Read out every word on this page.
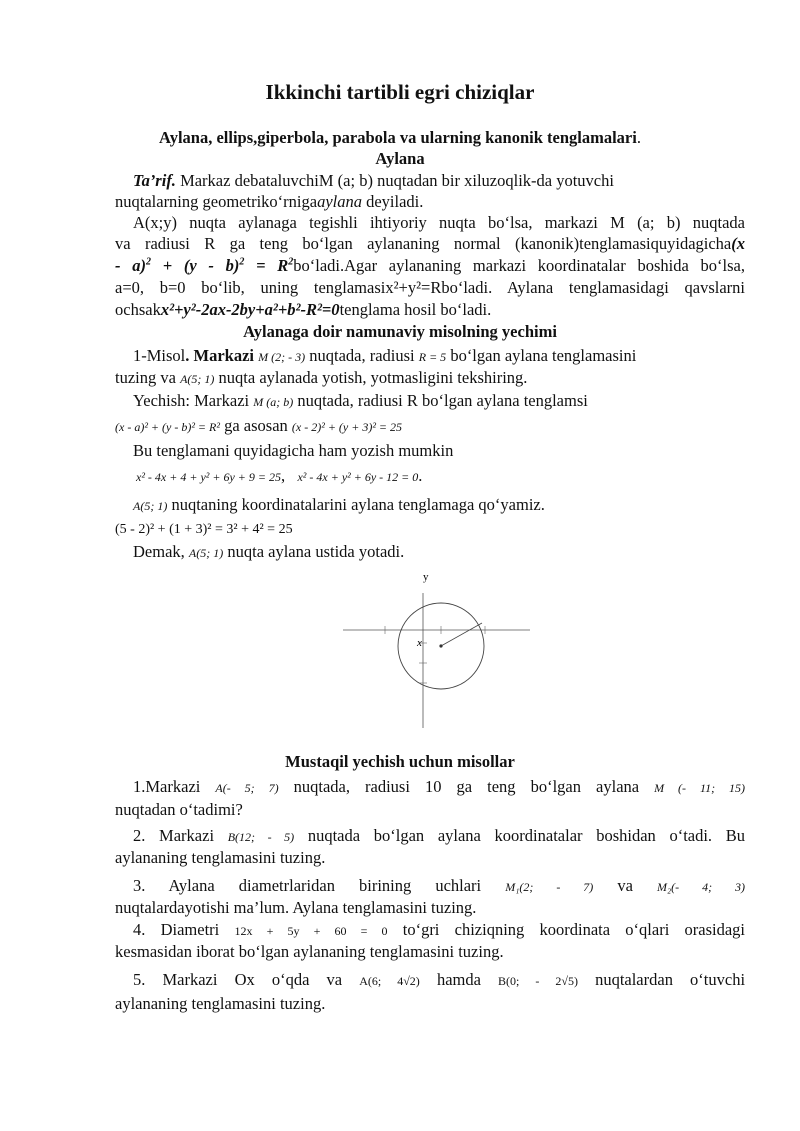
Ikkinchi tartibli egri chiziqlar
Aylana, ellips,giperbola, parabola va ularning kanonik tenglamalari.
Aylana
Ta’rif. Markaz debataluvchiM (a; b) nuqtadan bir xiluzoqlik-da yotuvchi
nuqtalarning geometriko‘rnigaaylana deyiladi.
A(x;y) nuqta aylanaga tegishli ihtiyoriy nuqta bo‘lsa, markazi M (a; b) nuqtada
va radiusi R ga teng bo‘lgan aylananing normal (kanonik)tenglamasiquyidagicha(x
- $a)^2 + (y - b)^2 = R^2bo‘ladi.Agar$ aylananing markazi koordinatalar boshida bo‘lsa,
a=0, b=0 bo‘lib, uning tenglamasix²+y²=Rbo‘ladi. Aylana tenglamasidagi qavslarni
ochsakx²+y²-2ax-2by+a²+b²-R²=0tenglama hosil bo‘ladi.
Aylanaga doir namunaviy misolning yechimi
1-Misol. Markazi M (2; - 3) nuqtada, radiusi R = 5 bo‘lgan aylana tenglamasini
tuzing va A(5; 1) nuqta aylanada yotish, yotmasligini tekshiring.
Yechish: Markazi M (a; b) nuqtada, radiusi R bo‘lgan aylana tenglamsi
(x - a)² + (y - b)² = R² ga asosan (x - 2)² + (y + 3)² = 25
Bu tenglamani quyidagicha ham yozish mumkin
x² - 4x + 4 + y² + 6y + 9 = 25,   x² - 4x + y² + 6y - 12 = 0.
A(5; 1) nuqtaning koordinatalarini aylana tenglamaga qo‘yamiz.
(5 - 2)² + (1 + 3)² = 3² + 4² = 25
Demak, A(5; 1) nuqta aylana ustida yotadi.
y
x
Mustaqil yechish uchun misollar
1.Markazi A(- 5; 7) nuqtada, radiusi 10 ga teng bo‘lgan aylana M (- 11; 15)
nuqtadan o‘tadimi?
2. Markazi B(12; - 5) nuqtada bo‘lgan aylana koordinatalar boshidan o‘tadi. Bu
aylananing tenglamasini tuzing.
3. Aylana diametrlaridan birining uchlari M₁(2; - 7) va M₂(- 4; 3)
nuqtalardayotishi ma’lum. Aylana tenglamasini tuzing.
4. Diametri 12x + 5y + 60 = 0 to‘gri chiziqning koordinata o‘qlari orasidagi
kesmasidan iborat bo‘lgan aylananing tenglamasini tuzing.
5. Markazi Ox o‘qda va A(6; 4√2) hamda B(0; - 2√5) nuqtalardan o‘tuvchi
aylananing tenglamasini tuzing.
